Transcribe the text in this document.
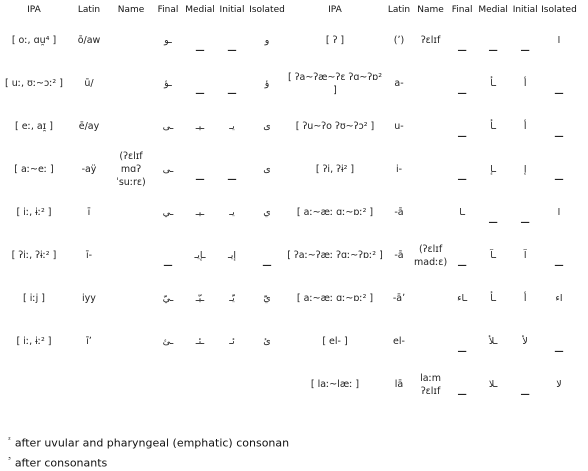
IPA	Latin	Name	Final	Medial	Initial	Isolated	IPA	Latin	Name	Final	Medial	Initial	Isolated
[ oː, ɑu̯⁴ ]	ō/aw		ـو	_	_	و	[ ʔ ]	(ʼ)	ʔɛlɪf	_	_	_	ا
[ uː, ʊː~ɔː² ]	ū/		ـؤ	_	_	ؤ	[ ʔa~ʔæ~ʔɛ ʔɑ~ʔɒ² ]	a-		_	ـأ	أ	_
[ eː, aɪ̯ ]	ē/ay		ـى	ـيـ	يـ	ى	[ ʔu~ʔo ʔʊ~ʔɔ² ]	u-		_	ـأ	أ	_
[ aː~eː ]	-aÿ	(ʔɛlɪf mɑʔˈsuːrɛ)	ـى	_	_	ى	[ ʔi, ʔɨ² ]	i-		_	ـإ	إ	_
[ iː, ɨː² ]	ī		ـي	ـيـ	يـ	ي	[ aː~æː ɑː~ɒː² ]	-ā		ـا	_	_	ا
[ ʔiː, ʔɨː² ]	ī-		_	ـإيـ	إيـ	_	[ ʔaː~ʔæː ʔɑː~ʔɒː² ]	-ā	(ʔɛlɪf madːɛ)	_	ـآ	آ	_
[ iːj ]	iyy		ـيّ	ـيّـ	يّـ	يّ	[ aː~æː ɑː~ɒː² ]	-āʼ		ـاء	ـأ	أ	اء
[ iː, ɨː² ]	īʼ		ـئ	ـئـ	ئـ	ئ	[ el- ]	el-		_	ـلأ	لأ	_
							[ laː~læː ]	lā	laːm ʔɛlɪf	_	ـلا	_	لا
$^{^2}$ after uvular and pharyngeal (emphatic) consonan
$^{^3}$ after consonants
